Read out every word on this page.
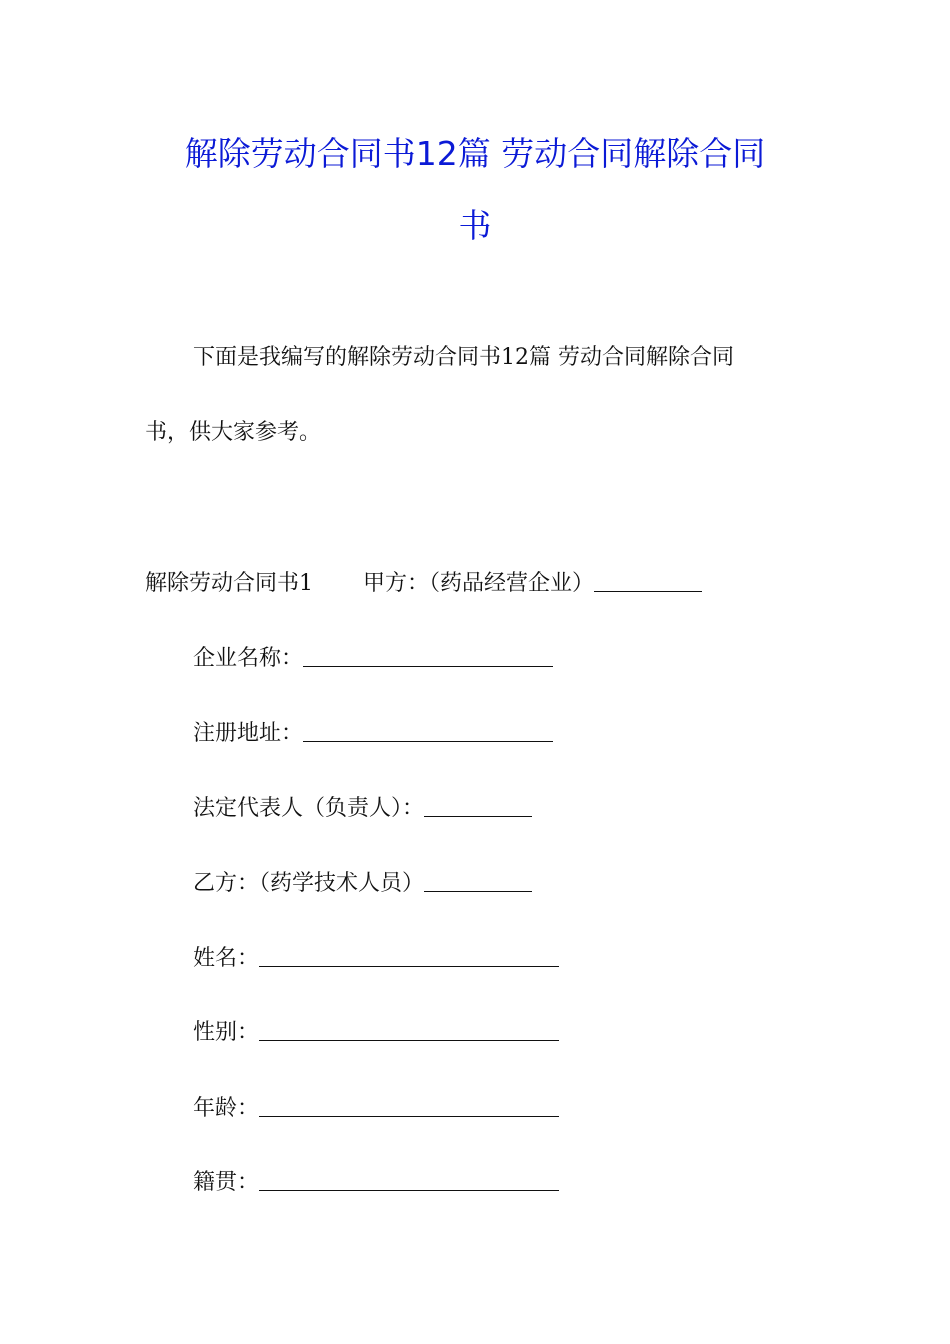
解除劳动合同书12篇 劳动合同解除合同
书
下面是我编写的解除劳动合同书12篇 劳动合同解除合同
书，供大家参考。
解除劳动合同书1 甲方：（药品经营企业）
企业名称：
注册地址：
法定代表人（负责人）：
乙方：（药学技术人员）
姓名：
性别：
年龄：
籍贯：
